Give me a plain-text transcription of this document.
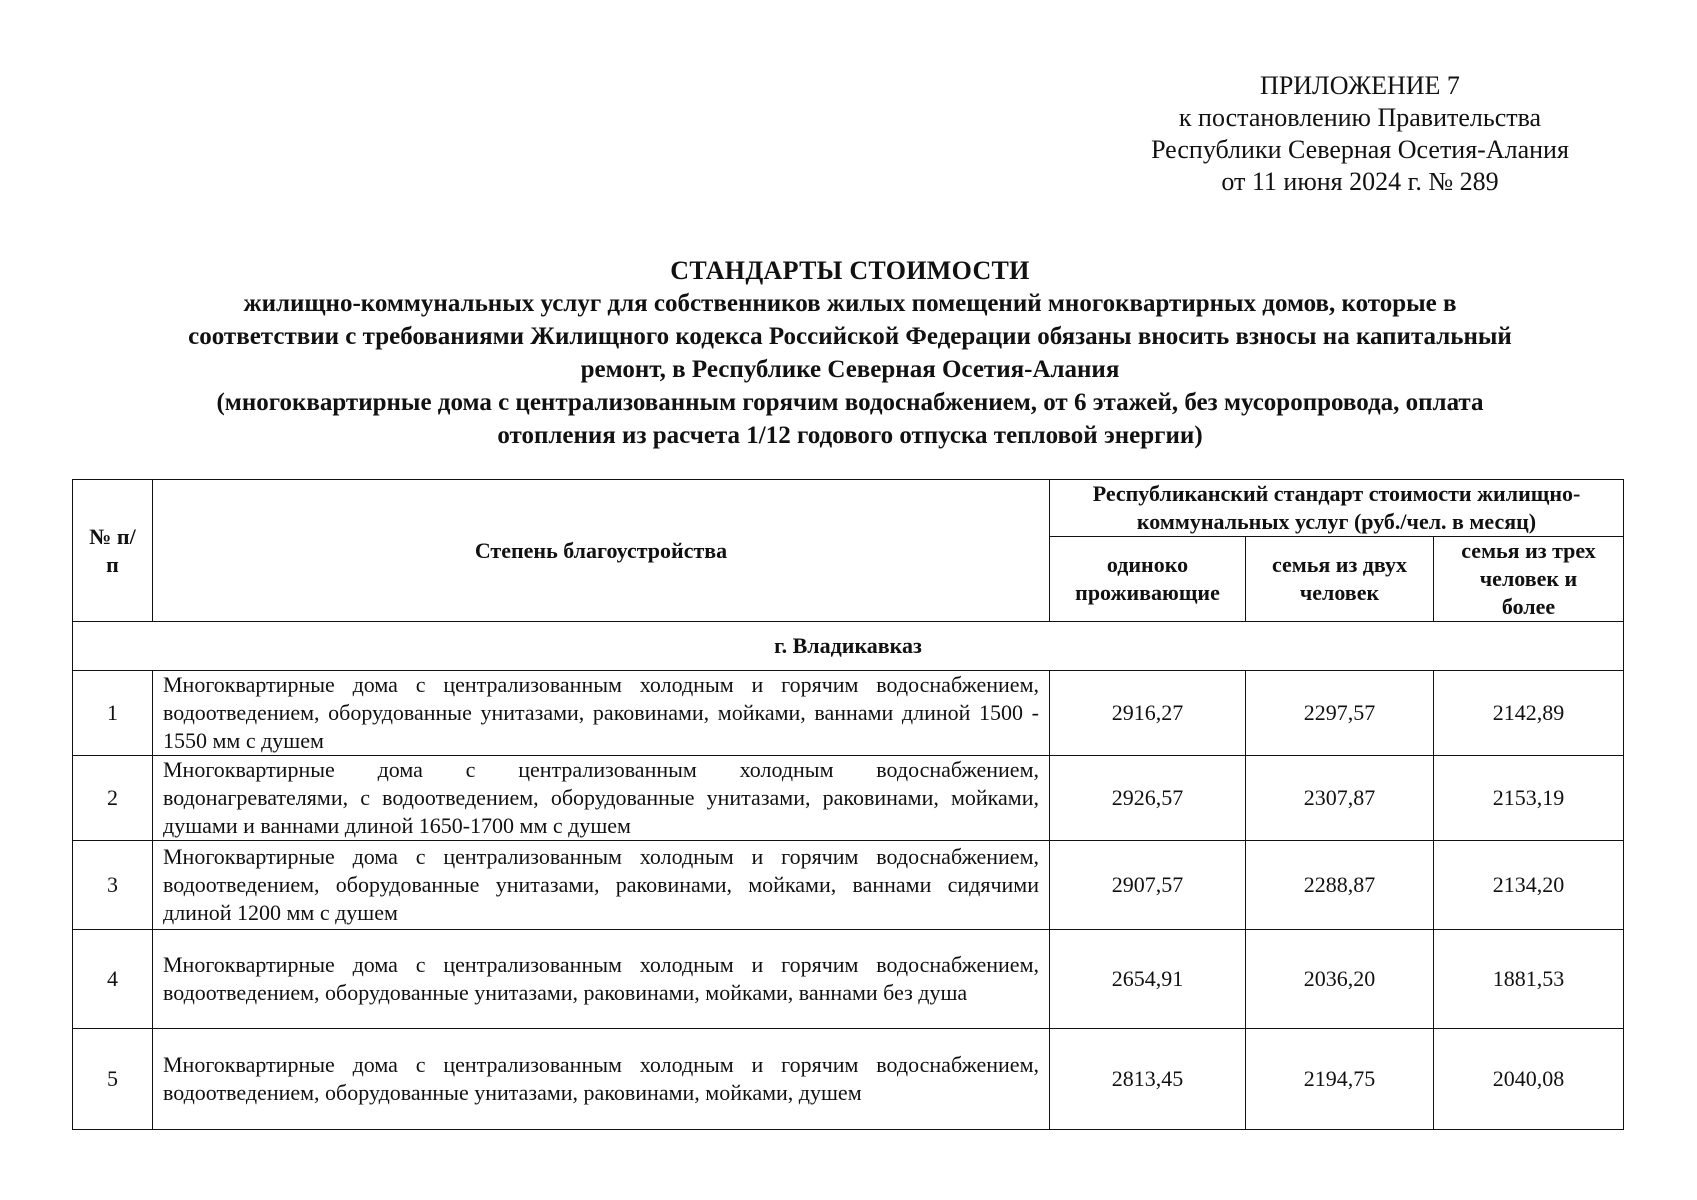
ПРИЛОЖЕНИЕ 7
к постановлению Правительства
Республики Северная Осетия-Алания
от 11 июня 2024 г. № 289
СТАНДАРТЫ СТОИМОСТИ
жилищно-коммунальных услуг для собственников жилых помещений многоквартирных домов, которые в
соответствии с требованиями Жилищного кодекса Российской Федерации обязаны вносить взносы на капитальный
ремонт, в Республике Северная Осетия-Алания
(многоквартирные дома с централизованным горячим водоснабжением, от 6 этажей, без мусоропровода, оплата
отопления из расчета 1/12 годового отпуска тепловой энергии)
№ п/п	Степень благоустройства	Республиканский стандарт стоимости жилищно-коммунальных услуг (руб./чел. в месяц)		
		одиноко проживающие	семья из двух человек	семья из трех человек и более
г. Владикавказ				
1	Многоквартирные дома с централизованным холодным и горячим водоснабжением, водоотведением, оборудованные унитазами, раковинами, мойками, ваннами длиной 1500 - 1550 мм с душем	2916,27	2297,57	2142,89
2	Многоквартирные дома с централизованным холодным водоснабжением, водонагревателями, с водоотведением, оборудованные унитазами, раковинами, мойками, душами и ваннами длиной 1650-1700 мм с душем	2926,57	2307,87	2153,19
3	Многоквартирные дома с централизованным холодным и горячим водоснабжением, водоотведением, оборудованные унитазами, раковинами, мойками, ваннами сидячими длиной 1200 мм с душем	2907,57	2288,87	2134,20
4	Многоквартирные дома с централизованным холодным и горячим водоснабжением, водоотведением, оборудованные унитазами, раковинами, мойками, ваннами без душа	2654,91	2036,20	1881,53
5	Многоквартирные дома с централизованным холодным и горячим водоснабжением, водоотведением, оборудованные унитазами, раковинами, мойками, душем	2813,45	2194,75	2040,08
